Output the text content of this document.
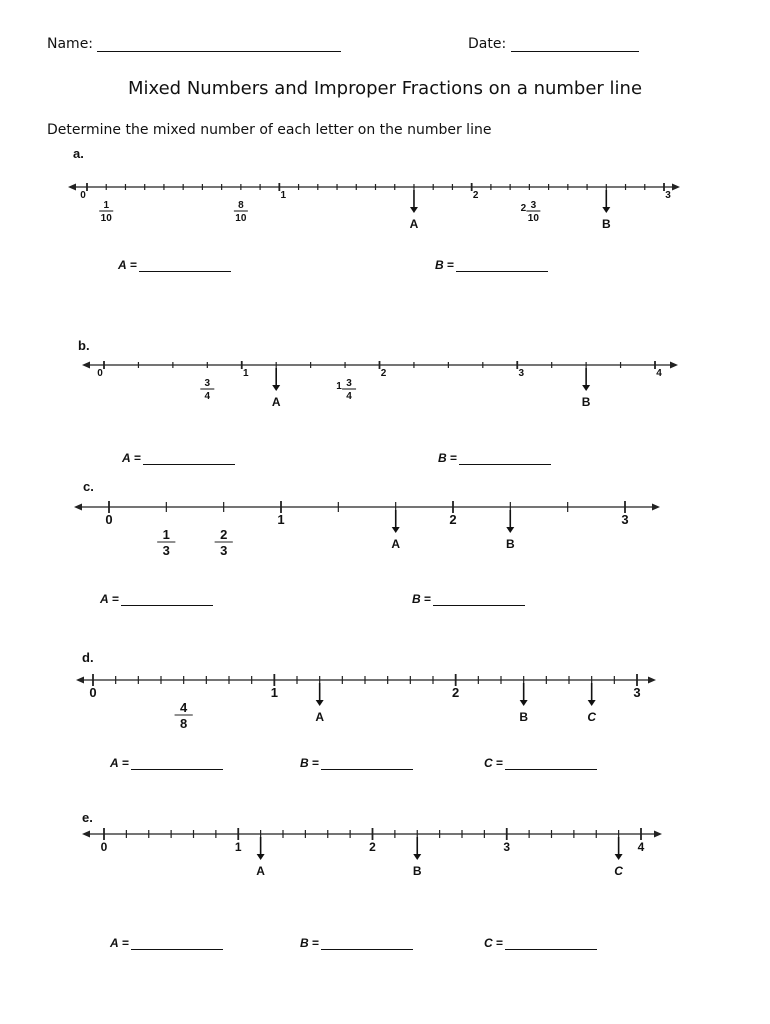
Name:	Date:
Mixed Numbers and Improper Fractions on a number line
Determine the mixed number of each letter on the number line
a.
A =	B =
b.
A =	B =
c.
A =	B =
d.
A =	B =	C =
e.
A =	B =	C =
0	1	2	3
1
10
8
10
2 3
10
A	B
0	1	2	3	4
3
4
1 3
4
A	B
0	1	2	3
1
3
2
3	A	B
0	1	2	3
4
8	A	B	C
0	1	2	3	4
A	B	C
